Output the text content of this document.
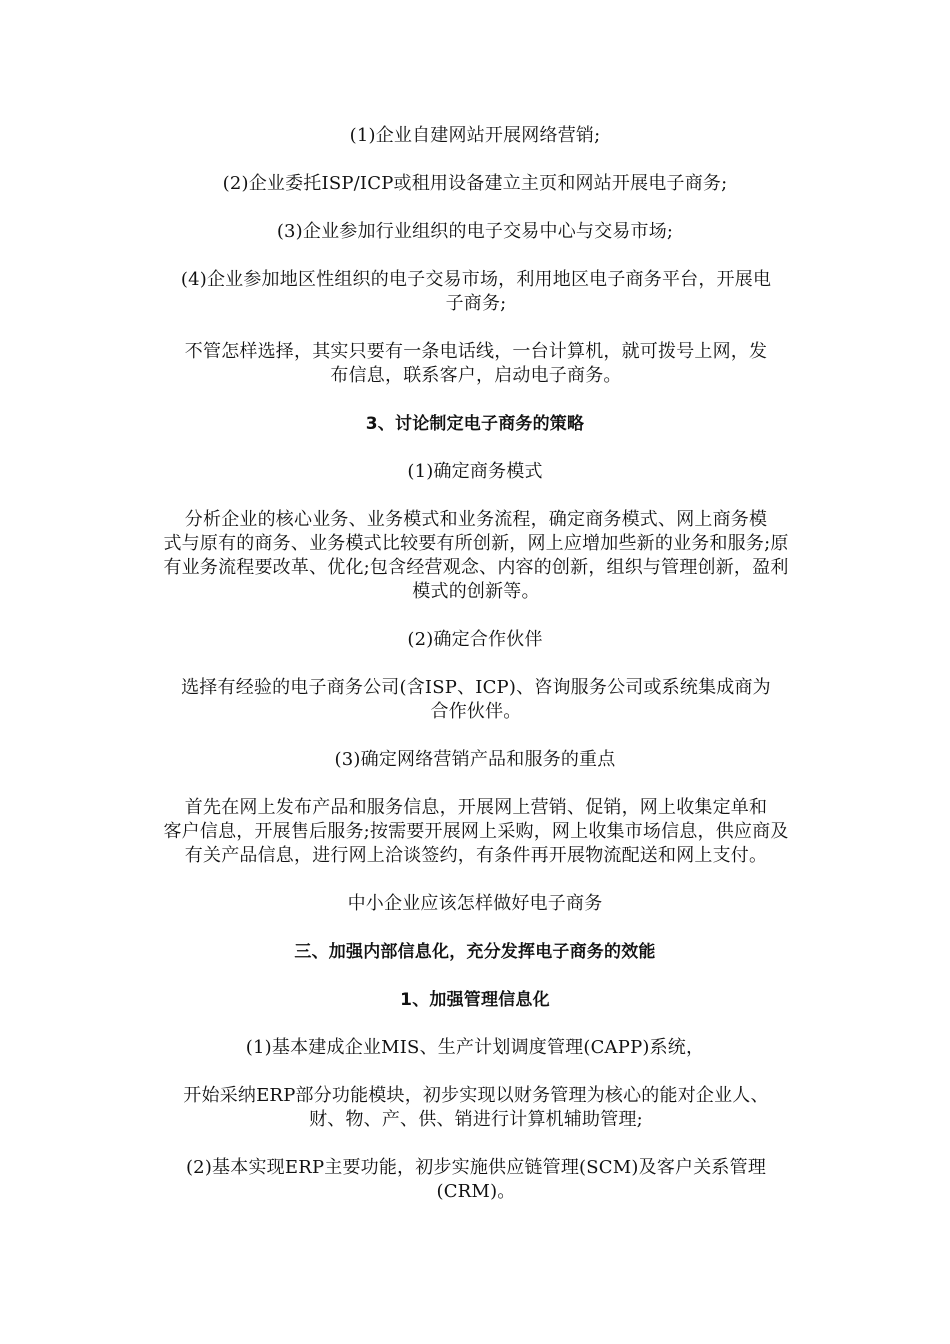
(1)企业自建网站开展网络营销;

(2)企业委托ISP/ICP或租用设备建立主页和网站开展电子商务;

(3)企业参加行业组织的电子交易中心与交易市场;

(4)企业参加地区性组织的电子交易市场，利用地区电子商务平台，开展电
子商务;

不管怎样选择，其实只要有一条电话线，一台计算机，就可拨号上网，发
布信息，联系客户，启动电子商务。

3、讨论制定电子商务的策略

(1)确定商务模式

分析企业的核心业务、业务模式和业务流程，确定商务模式、网上商务模
式与原有的商务、业务模式比较要有所创新，网上应增加些新的业务和服务;原
有业务流程要改革、优化;包含经营观念、内容的创新，组织与管理创新，盈利
模式的创新等。

(2)确定合作伙伴

选择有经验的电子商务公司(含ISP、ICP)、咨询服务公司或系统集成商为
合作伙伴。

(3)确定网络营销产品和服务的重点

首先在网上发布产品和服务信息，开展网上营销、促销，网上收集定单和
客户信息，开展售后服务;按需要开展网上采购，网上收集市场信息，供应商及
有关产品信息，进行网上洽谈签约，有条件再开展物流配送和网上支付。

中小企业应该怎样做好电子商务

三、加强内部信息化，充分发挥电子商务的效能

1、加强管理信息化

(1)基本建成企业MIS、生产计划调度管理(CAPP)系统，

开始采纳ERP部分功能模块，初步实现以财务管理为核心的能对企业人、
财、物、产、供、销进行计算机辅助管理;

(2)基本实现ERP主要功能，初步实施供应链管理(SCM)及客户关系管理
(CRM)。
